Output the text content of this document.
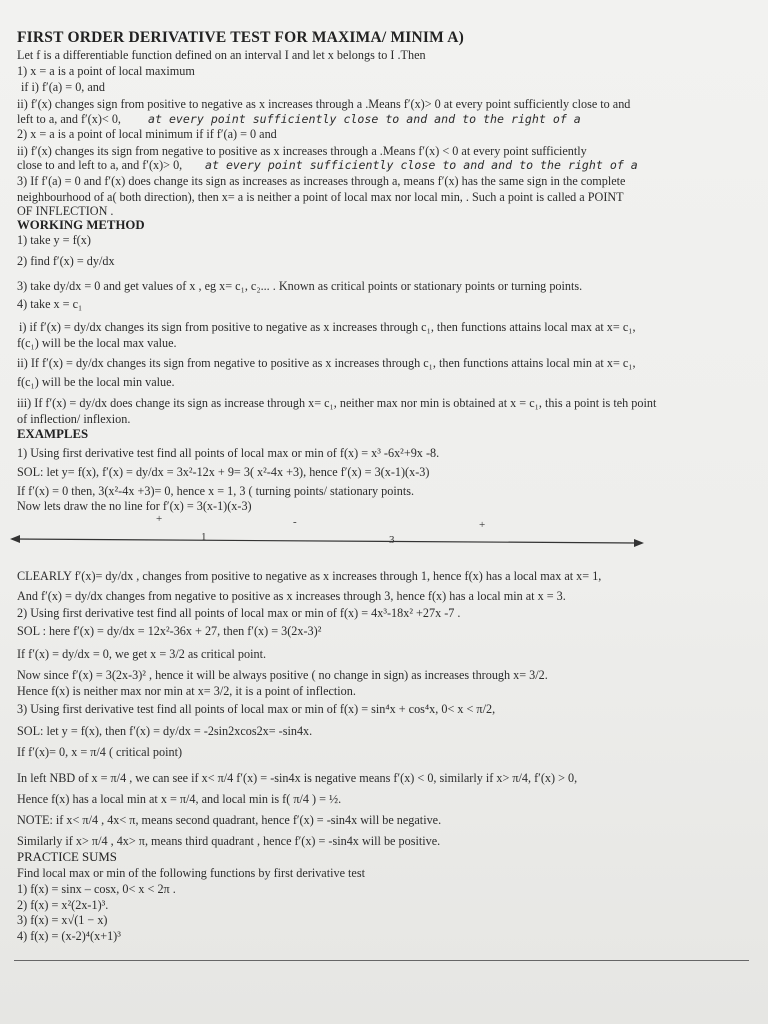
FIRST ORDER DERIVATIVE TEST FOR MAXIMA/ MINIM A)
Let f is a differentiable function defined on an interval I and let x belongs to I .Then
1) x = a is a point of local maximum
if i) f′(a) = 0, and
ii) f′(x) changes sign from positive to negative as x increases through a .Means f′(x)> 0 at every point sufficiently close to and
left to a, and f′(x)< 0, at every point sufficiently close to and and to the right of a
2) x = a is a point of local minimum if if f′(a) = 0 and
ii) f′(x) changes its sign from negative to positive as x increases through a .Means f′(x) < 0 at every point sufficiently
close to and left to a, and f′(x)> 0, at every point sufficiently close to and and to the right of a
3) If f′(a) = 0 and f′(x) does change its sign as increases as increases through a, means f′(x) has the same sign in the complete
neighbourhood of a( both direction), then x= a is neither a point of local max nor local min, . Such a point is called a POINT
OF INFLECTION .
WORKING METHOD
1) take y = f(x)
2) find f′(x) = dy/dx
3) take dy/dx = 0 and get values of x , eg x= c₁, c₂... . Known as critical points or stationary points or turning points.
4) take x = c₁
i) if f′(x) = dy/dx changes its sign from positive to negative as x increases through c₁, then functions attains local max at x= c₁,
f(c₁) will be the local max value.
ii) If f′(x) = dy/dx changes its sign from negative to positive as x increases through c₁, then functions attains local min at x= c₁,
f(c₁) will be the local min value.
iii) If f′(x) = dy/dx does change its sign as increase through x= c₁, neither max nor min is obtained at x = c₁, this a point is teh point
of inflection/ inflexion.
EXAMPLES
1) Using first derivative test find all points of local max or min of f(x) = x³ -6x²+9x -8.
SOL: let y= f(x), f′(x) = dy/dx = 3x²-12x + 9= 3( x²-4x +3), hence f′(x) = 3(x-1)(x-3)
If f′(x) = 0 then, 3(x²-4x +3)= 0, hence x = 1, 3 ( turning points/ stationary points.
Now lets draw the no line for f′(x) = 3(x-1)(x-3)
+	-	+
1	3
CLEARLY f′(x)= dy/dx , changes from positive to negative as x increases through 1, hence f(x) has a local max at x= 1,
And f′(x) = dy/dx changes from negative to positive as x increases through 3, hence f(x) has a local min at x = 3.
2) Using first derivative test find all points of local max or min of f(x) = 4x³-18x² +27x -7 .
SOL : here f′(x) = dy/dx = 12x²-36x + 27, then f′(x) = 3(2x-3)²
If f′(x) = dy/dx = 0, we get x = 3/2 as critical point.
Now since f′(x) = 3(2x-3)² , hence it will be always positive ( no change in sign) as increases through x= 3/2.
Hence f(x) is neither max nor min at x= 3/2, it is a point of inflection.
3) Using first derivative test find all points of local max or min of f(x) = sin⁴x + cos⁴x, 0< x < π/2,
SOL: let y = f(x), then f′(x) = dy/dx = -2sin2xcos2x= -sin4x.
If f′(x)= 0, x = π/4 ( critical point)
In left NBD of x = π/4 , we can see if x< π/4 f′(x) = -sin4x is negative means f′(x) < 0, similarly if x> π/4, f′(x) > 0,
Hence f(x) has a local min at x = π/4, and local min is f( π/4 ) = ½.
NOTE: if x< π/4 , 4x< π, means second quadrant, hence f′(x) = -sin4x will be negative.
Similarly if x> π/4 , 4x> π, means third quadrant , hence f′(x) = -sin4x will be positive.
PRACTICE SUMS
Find local max or min of the following functions by first derivative test
1) f(x) = sinx – cosx, 0< x < 2π .
2) f(x) = x²(2x-1)³.
3) f(x) = x√(1 − x)
4) f(x) = (x-2)⁴(x+1)³
